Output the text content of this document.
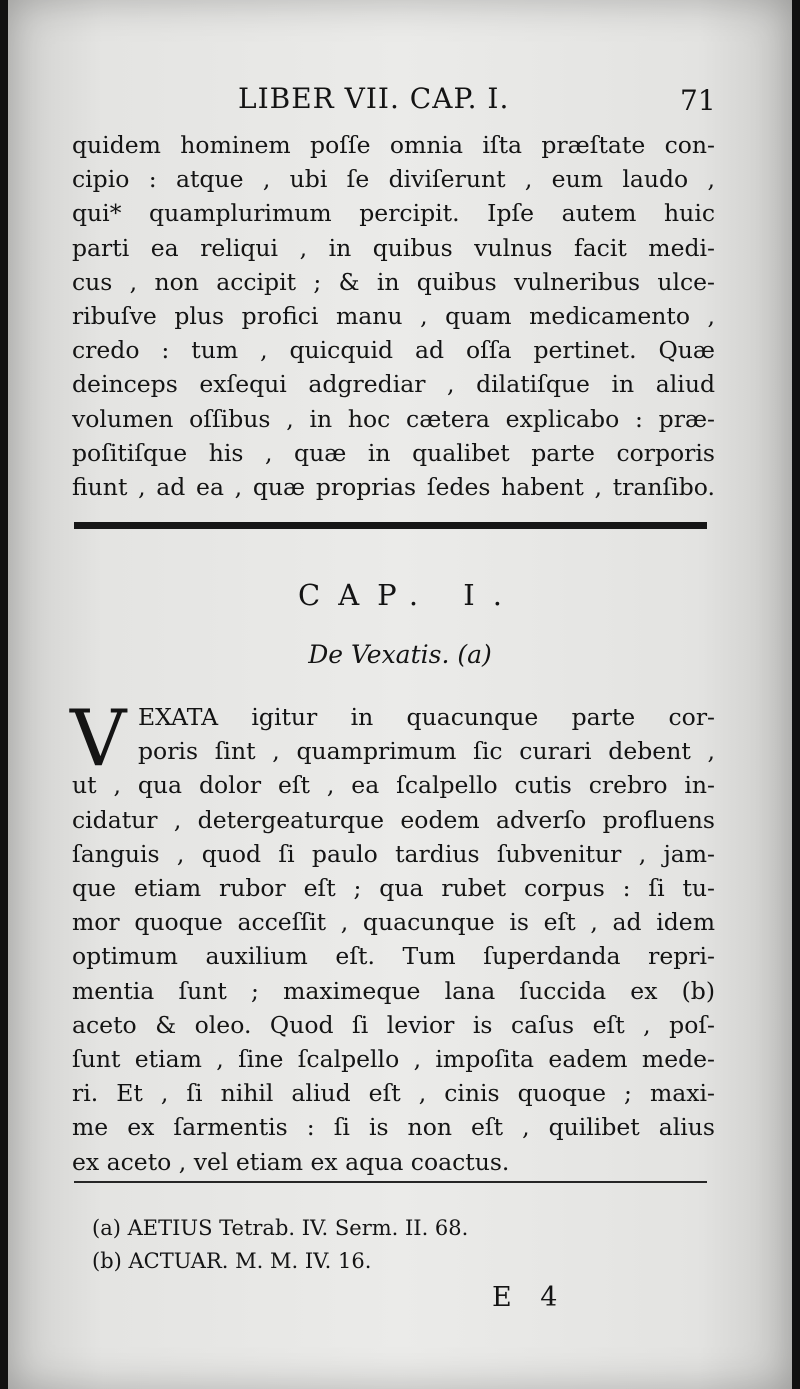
LIBER VII. CAP. I.	71
quidem hominem poſſe omnia iſta præſtate con-
cipio : atque , ubi ſe diviſerunt , eum laudo ,
qui* quamplurimum percipit. Ipſe autem huic
parti ea reliqui , in quibus vulnus facit medi-
cus , non accipit ; & in quibus vulneribus ulce-
ribuſve plus profici manu , quam medicamento ,
credo : tum , quicquid ad oſſa pertinet. Quæ
deinceps exſequi adgrediar , dilatiſque in aliud
volumen oſſibus , in hoc cætera explicabo : præ-
poſitiſque his , quæ in qualibet parte corporis
fiunt , ad ea , quæ proprias ſedes habent , tranſibo.
CAP. I.
De Vexatis. (a)
V EXATA igitur in quacunque parte cor-
poris ſint , quamprimum ſic curari debent ,
ut , qua dolor eſt , ea ſcalpello cutis crebro in-
cidatur , detergeaturque eodem adverſo profluens
ſanguis , quod ſi paulo tardius ſubvenitur , jam-
que etiam rubor eſt ; qua rubet corpus : ſi tu-
mor quoque acceſſit , quacunque is eſt , ad idem
optimum auxilium eſt. Tum ſuperdanda repri-
mentia ſunt ; maximeque lana ſuccida ex (b)
aceto & oleo. Quod ſi levior is caſus eſt , poſ-
ſunt etiam , ſine ſcalpello , impoſita eadem mede-
ri. Et , ſi nihil aliud eſt , cinis quoque ; maxi-
me ex ſarmentis : ſi is non eſt , quilibet alius
ex aceto , vel etiam ex aqua coactus.
(a) AETIUS Tetrab. IV. Serm. II. 68.
(b) ACTUAR. M. M. IV. 16.
E 4
